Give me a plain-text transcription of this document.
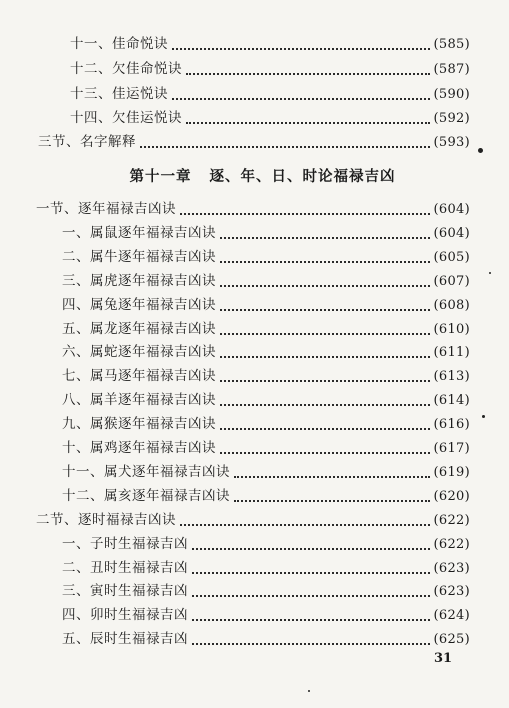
十一、佳命悦诀	(585)
十二、欠佳命悦诀	(587)
十三、佳运悦诀	(590)
十四、欠佳运悦诀	(592)
三节、名字解释	(593)
第十一章 逐、年、日、时论福禄吉凶
一节、逐年福禄吉凶诀	(604)
一、属鼠逐年福禄吉凶诀	(604)
二、属牛逐年福禄吉凶诀	(605)
三、属虎逐年福禄吉凶诀	(607)
四、属兔逐年福禄吉凶诀	(608)
五、属龙逐年福禄吉凶诀	(610)
六、属蛇逐年福禄吉凶诀	(611)
七、属马逐年福禄吉凶诀	(613)
八、属羊逐年福禄吉凶诀	(614)
九、属猴逐年福禄吉凶诀	(616)
十、属鸡逐年福禄吉凶诀	(617)
十一、属犬逐年福禄吉凶诀	(619)
十二、属亥逐年福禄吉凶诀	(620)
二节、逐时福禄吉凶诀	(622)
一、子时生福禄吉凶	(622)
二、丑时生福禄吉凶	(623)
三、寅时生福禄吉凶	(623)
四、卯时生福禄吉凶	(624)
五、辰时生福禄吉凶	(625)
31
